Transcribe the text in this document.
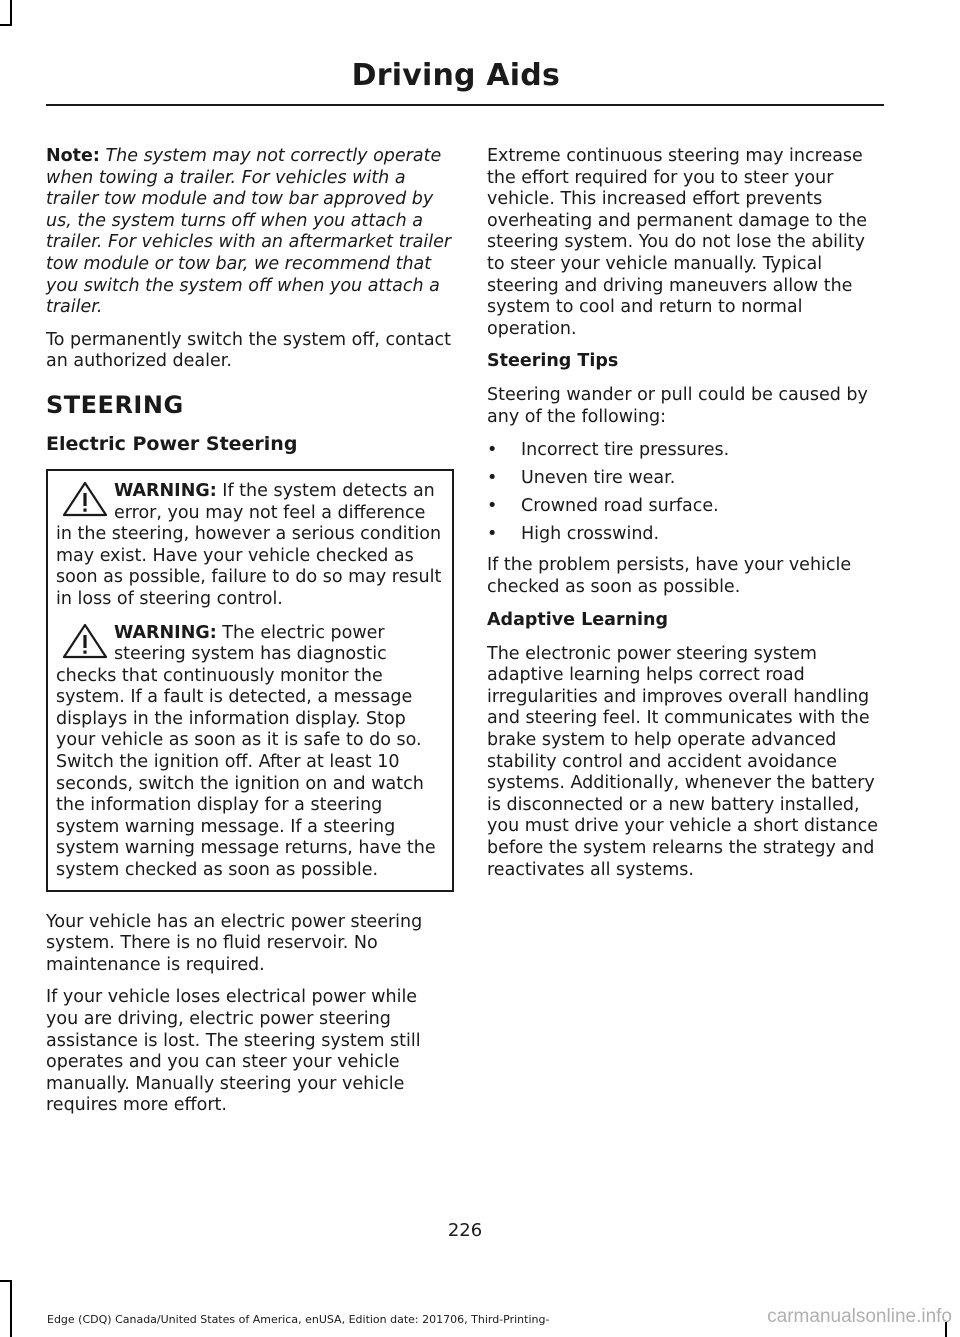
Driving Aids

Note: The system may not correctly operate when towing a trailer. For vehicles with a trailer tow module and tow bar approved by us, the system turns off when you attach a trailer. For vehicles with an aftermarket trailer tow module or tow bar, we recommend that you switch the system off when you attach a trailer.

To permanently switch the system off, contact an authorized dealer.

STEERING
Electric Power Steering

WARNING: If the system detects an error, you may not feel a difference in the steering, however a serious condition may exist. Have your vehicle checked as soon as possible, failure to do so may result in loss of steering control.

WARNING: The electric power steering system has diagnostic checks that continuously monitor the system. If a fault is detected, a message displays in the information display. Stop your vehicle as soon as it is safe to do so. Switch the ignition off. After at least 10 seconds, switch the ignition on and watch the information display for a steering system warning message. If a steering system warning message returns, have the system checked as soon as possible.

Your vehicle has an electric power steering system. There is no fluid reservoir. No maintenance is required.

If your vehicle loses electrical power while you are driving, electric power steering assistance is lost. The steering system still operates and you can steer your vehicle manually. Manually steering your vehicle requires more effort.

Extreme continuous steering may increase the effort required for you to steer your vehicle. This increased effort prevents overheating and permanent damage to the steering system. You do not lose the ability to steer your vehicle manually. Typical steering and driving maneuvers allow the system to cool and return to normal operation.

Steering Tips

Steering wander or pull could be caused by any of the following:

• Incorrect tire pressures.
• Uneven tire wear.
• Crowned road surface.
• High crosswind.

If the problem persists, have your vehicle checked as soon as possible.

Adaptive Learning

The electronic power steering system adaptive learning helps correct road irregularities and improves overall handling and steering feel. It communicates with the brake system to help operate advanced stability control and accident avoidance systems. Additionally, whenever the battery is disconnected or a new battery installed, you must drive your vehicle a short distance before the system relearns the strategy and reactivates all systems.

226
Edge (CDQ) Canada/United States of America, enUSA, Edition date: 201706, Third-Printing-	carmanualsonline.info
